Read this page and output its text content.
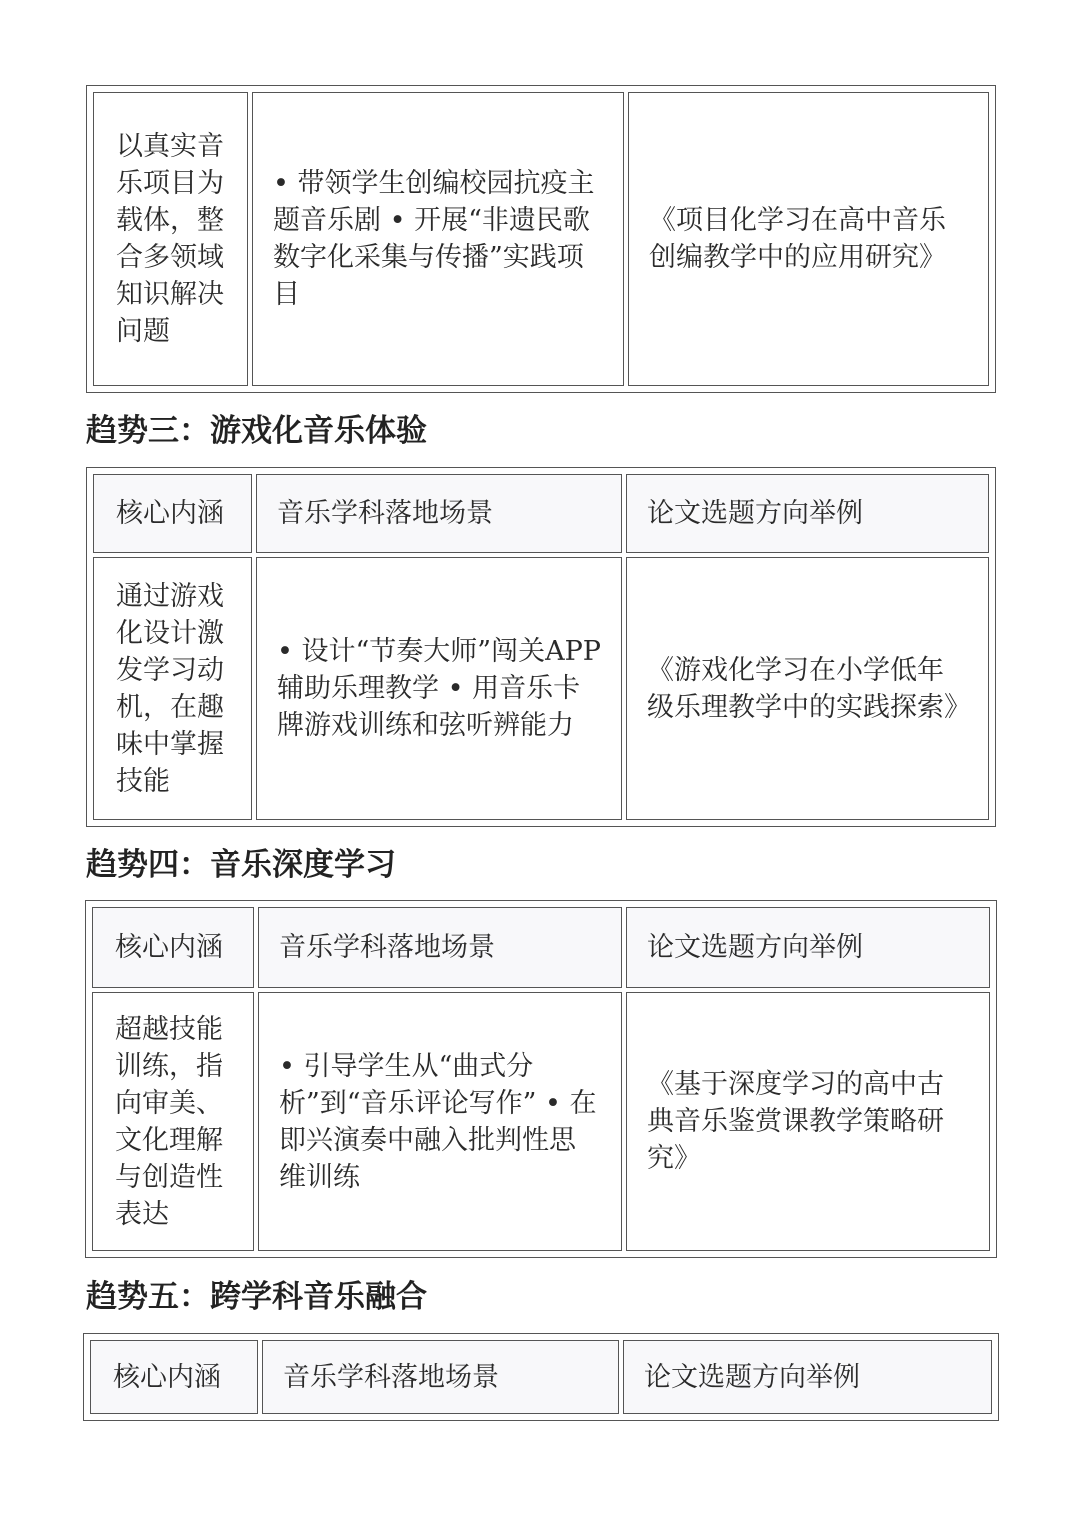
以真实音乐项目为载体，整合多领域知识解决问题	• 带领学生创编校园抗疫主题音乐剧 • 开展“非遗民歌数字化采集与传播”实践项目	《项目化学习在高中音乐创编教学中的应用研究》
趋势三：游戏化音乐体验
核心内涵	音乐学科落地场景	论文选题方向举例
通过游戏化设计激发学习动机，在趣味中掌握技能	• 设计“节奏大师”闯关APP辅助乐理教学 • 用音乐卡牌游戏训练和弦听辨能力	《游戏化学习在小学低年级乐理教学中的实践探索》
趋势四：音乐深度学习
核心内涵	音乐学科落地场景	论文选题方向举例
超越技能训练，指向审美、文化理解与创造性表达	• 引导学生从“曲式分析”到“音乐评论写作” • 在即兴演奏中融入批判性思维训练	《基于深度学习的高中古典音乐鉴赏课教学策略研究》
趋势五：跨学科音乐融合
核心内涵	音乐学科落地场景	论文选题方向举例
